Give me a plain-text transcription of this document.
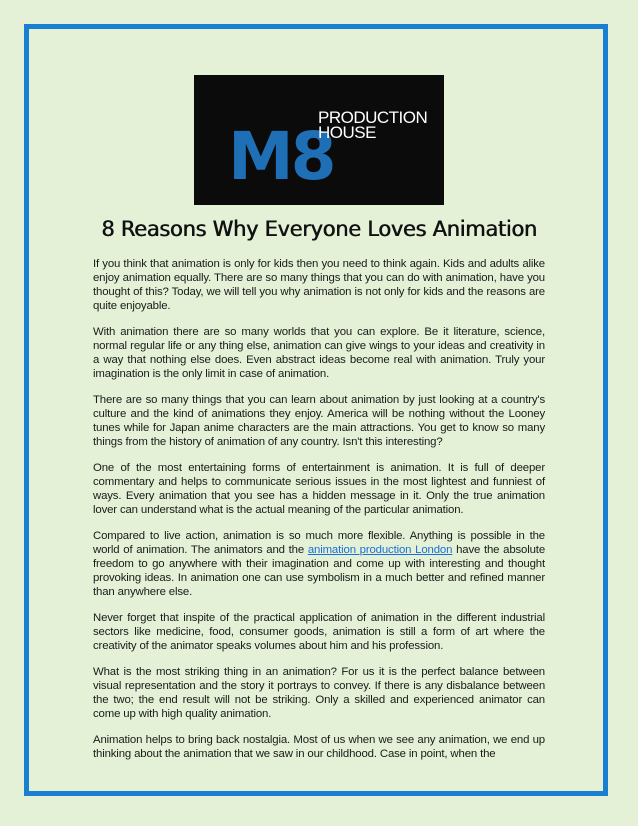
M8
PRODUCTION
HOUSE
8 Reasons Why Everyone Loves Animation

If you think that animation is only for kids then you need to think again. Kids and adults alike enjoy animation equally. There are so many things that you can do with animation, have you thought of this? Today, we will tell you why animation is not only for kids and the reasons are quite enjoyable.

With animation there are so many worlds that you can explore. Be it literature, science, normal regular life or any thing else, animation can give wings to your ideas and creativity in a way that nothing else does. Even abstract ideas become real with animation. Truly your imagination is the only limit in case of animation.

There are so many things that you can learn about animation by just looking at a country's culture and the kind of animations they enjoy. America will be nothing without the Looney tunes while for Japan anime characters are the main attractions. You get to know so many things from the history of animation of any country. Isn't this interesting?

One of the most entertaining forms of entertainment is animation. It is full of deeper commentary and helps to communicate serious issues in the most lightest and funniest of ways. Every animation that you see has a hidden message in it. Only the true animation lover can understand what is the actual meaning of the particular animation.

Compared to live action, animation is so much more flexible. Anything is possible in the world of animation. The animators and the animation production London have the absolute freedom to go anywhere with their imagination and come up with interesting and thought provoking ideas. In animation one can use symbolism in a much better and refined manner than anywhere else.

Never forget that inspite of the practical application of animation in the different industrial sectors like medicine, food, consumer goods, animation is still a form of art where the creativity of the animator speaks volumes about him and his profession.

What is the most striking thing in an animation? For us it is the perfect balance between visual representation and the story it portrays to convey. If there is any disbalance between the two; the end result will not be striking. Only a skilled and experienced animator can come up with high quality animation.

Animation helps to bring back nostalgia. Most of us when we see any animation, we end up thinking about the animation that we saw in our childhood. Case in point, when the
